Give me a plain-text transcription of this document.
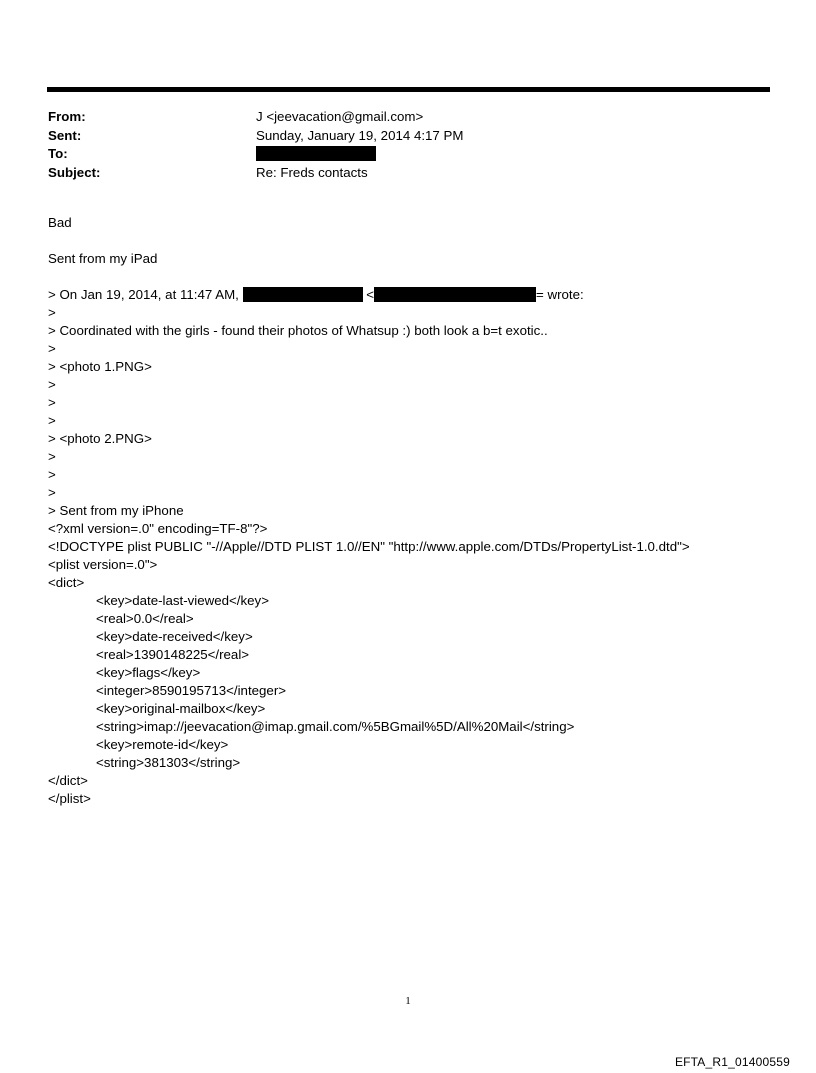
From:	J <jeevacation@gmail.com>
Sent:	Sunday, January 19, 2014 4:17 PM
To:
Subject:	Re: Freds contacts
Bad
Sent from my iPad
> On Jan 19, 2014, at 11:47 AM,	<	= wrote:
>
> Coordinated with the girls - found their photos of Whatsup :) both look a b=t exotic..
>
> <photo 1.PNG>
>
>
>
> <photo 2.PNG>
>
>
>
> Sent from my iPhone
<?xml version=.0" encoding=TF-8"?>
<!DOCTYPE plist PUBLIC "-//Apple//DTD PLIST 1.0//EN" "http://www.apple.com/DTDs/PropertyList-1.0.dtd">
<plist version=.0">
<dict>
<key>date-last-viewed</key>
<real>0.0</real>
<key>date-received</key>
<real>1390148225</real>
<key>flags</key>
<integer>8590195713</integer>
<key>original-mailbox</key>
<string>imap://jeevacation@imap.gmail.com/%5BGmail%5D/All%20Mail</string>
<key>remote-id</key>
<string>381303</string>
</dict>
</plist>
1
EFTA_R1_01400559
